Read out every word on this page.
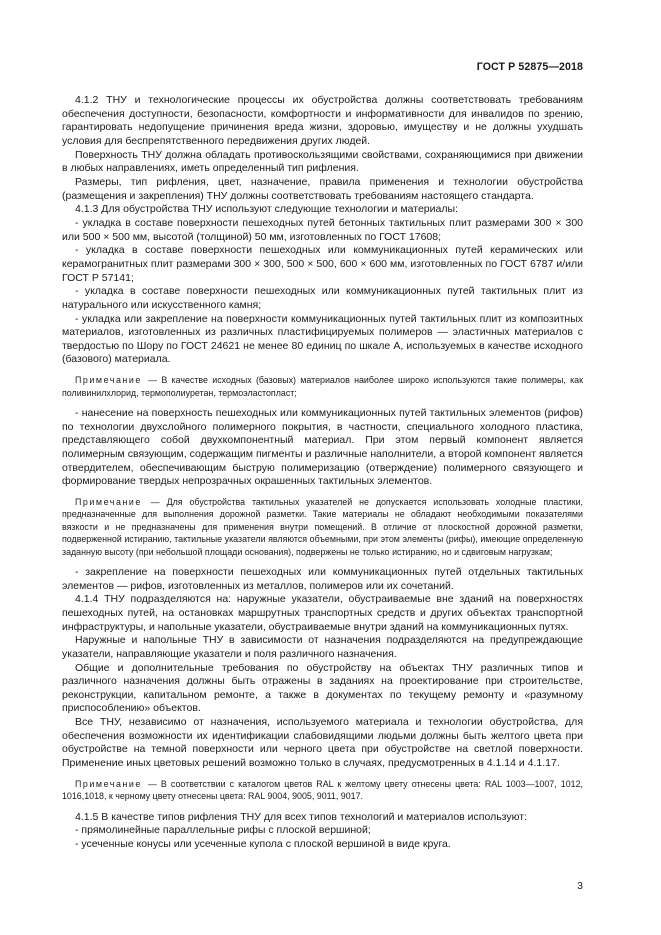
ГОСТ Р 52875—2018

4.1.2 ТНУ и технологические процессы их обустройства должны соответствовать требованиям обеспечения доступности, безопасности, комфортности и информативности для инвалидов по зрению, гарантировать недопущение причинения вреда жизни, здоровью, имуществу и не должны ухудшать условия для беспрепятственного передвижения других людей.

Поверхность ТНУ должна обладать противоскользящими свойствами, сохраняющимися при движении в любых направлениях, иметь определенный тип рифления.

Размеры, тип рифления, цвет, назначение, правила применения и технологии обустройства (размещения и закрепления) ТНУ должны соответствовать требованиям настоящего стандарта.

4.1.3 Для обустройства ТНУ используют следующие технологии и материалы:

- укладка в составе поверхности пешеходных путей бетонных тактильных плит размерами 300 × 300 или 500 × 500 мм, высотой (толщиной) 50 мм, изготовленных по ГОСТ 17608;

- укладка в составе поверхности пешеходных или коммуникационных путей керамических или керамогранитных плит размерами 300 × 300, 500 × 500, 600 × 600 мм, изготовленных по ГОСТ 6787 и/или ГОСТ Р 57141;

- укладка в составе поверхности пешеходных или коммуникационных путей тактильных плит из натурального или искусственного камня;

- укладка или закрепление на поверхности коммуникационных путей тактильных плит из композитных материалов, изготовленных из различных пластифицируемых полимеров — эластичных материалов с твердостью по Шору по ГОСТ 24621 не менее 80 единиц по шкале А, используемых в качестве исходного (базового) материала.

Примечание — В качестве исходных (базовых) материалов наиболее широко используются такие полимеры, как поливинилхлорид, термополиуретан, термоэластопласт;

- нанесение на поверхность пешеходных или коммуникационных путей тактильных элементов (рифов) по технологии двухслойного полимерного покрытия, в частности, специального холодного пластика, представляющего собой двухкомпонентный материал. При этом первый компонент является полимерным связующим, содержащим пигменты и различные наполнители, а второй компонент является отвердителем, обеспечивающим быструю полимеризацию (отверждение) полимерного связующего и формирование твердых непрозрачных окрашенных тактильных элементов.

Примечание — Для обустройства тактильных указателей не допускается использовать холодные пластики, предназначенные для выполнения дорожной разметки. Такие материалы не обладают необходимыми показателями вязкости и не предназначены для применения внутри помещений. В отличие от плоскостной дорожной разметки, подверженной истиранию, тактильные указатели являются объемными, при этом элементы (рифы), имеющие определенную заданную высоту (при небольшой площади основания), подвержены не только истиранию, но и сдвиговым нагрузкам;

- закрепление на поверхности пешеходных или коммуникационных путей отдельных тактильных элементов — рифов, изготовленных из металлов, полимеров или их сочетаний.

4.1.4 ТНУ подразделяются на: наружные указатели, обустраиваемые вне зданий на поверхностях пешеходных путей, на остановках маршрутных транспортных средств и других объектах транспортной инфраструктуры, и напольные указатели, обустраиваемые внутри зданий на коммуникационных путях.

Наружные и напольные ТНУ в зависимости от назначения подразделяются на предупреждающие указатели, направляющие указатели и поля различного назначения.

Общие и дополнительные требования по обустройству на объектах ТНУ различных типов и различного назначения должны быть отражены в заданиях на проектирование при строительстве, реконструкции, капитальном ремонте, а также в документах по текущему ремонту и «разумному приспособлению» объектов.

Все ТНУ, независимо от назначения, используемого материала и технологии обустройства, для обеспечения возможности их идентификации слабовидящими людьми должны быть желтого цвета при обустройстве на темной поверхности или черного цвета при обустройстве на светлой поверхности. Применение иных цветовых решений возможно только в случаях, предусмотренных в 4.1.14 и 4.1.17.

Примечание — В соответствии с каталогом цветов RAL к желтому цвету отнесены цвета: RAL 1003—1007, 1012, 1016,1018, к черному цвету отнесены цвета: RAL 9004, 9005, 9011, 9017.

4.1.5 В качестве типов рифления ТНУ для всех типов технологий и материалов используют:

- прямолинейные параллельные рифы с плоской вершиной;

- усеченные конусы или усеченные купола с плоской вершиной в виде круга.

3
